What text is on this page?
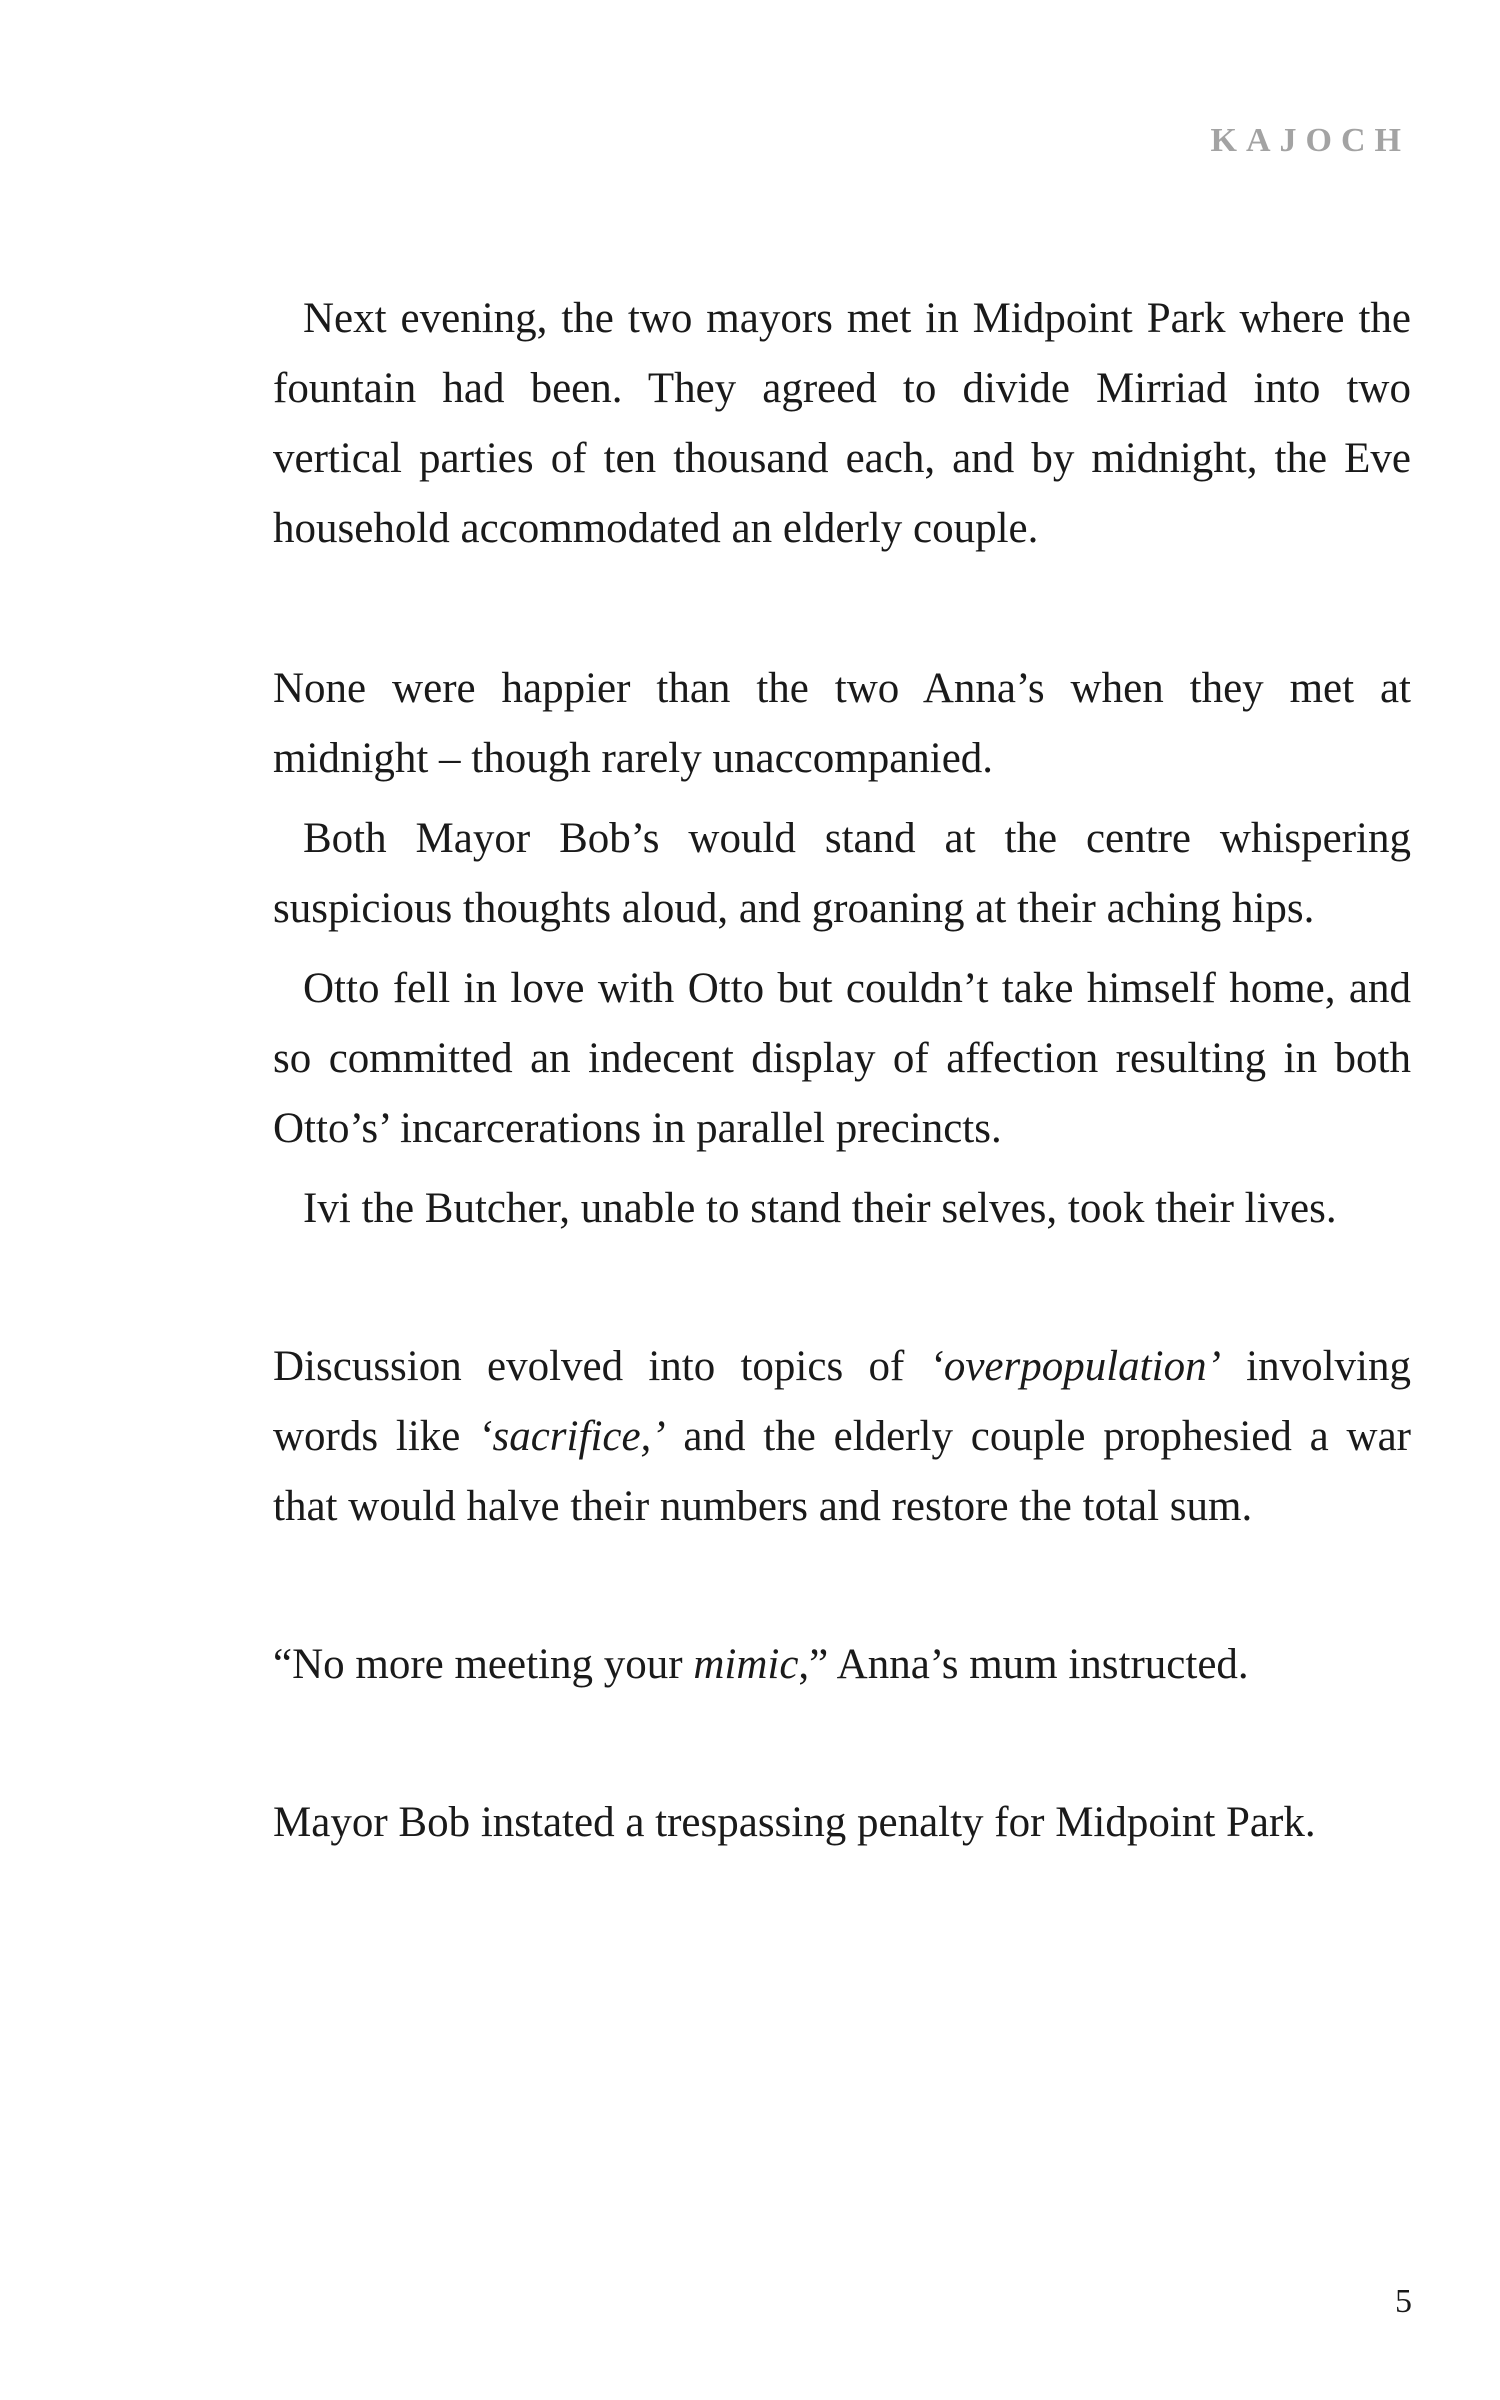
KAJOCH

Next evening, the two mayors met in Midpoint Park where the fountain had been. They agreed to divide Mirriad into two vertical parties of ten thousand each, and by midnight, the Eve household accommodated an elderly couple.

None were happier than the two Anna’s when they met at midnight – though rarely unaccompanied.

Both Mayor Bob’s would stand at the centre whispering suspicious thoughts aloud, and groaning at their aching hips.

Otto fell in love with Otto but couldn’t take himself home, and so committed an indecent display of affection resulting in both Otto’s’ incarcerations in parallel precincts.

Ivi the Butcher, unable to stand their selves, took their lives.

Discussion evolved into topics of ‘overpopulation’ involving words like ‘sacrifice,’ and the elderly couple prophesied a war that would halve their numbers and restore the total sum.

“No more meeting your mimic,” Anna’s mum instructed.

Mayor Bob instated a trespassing penalty for Midpoint Park.

5
